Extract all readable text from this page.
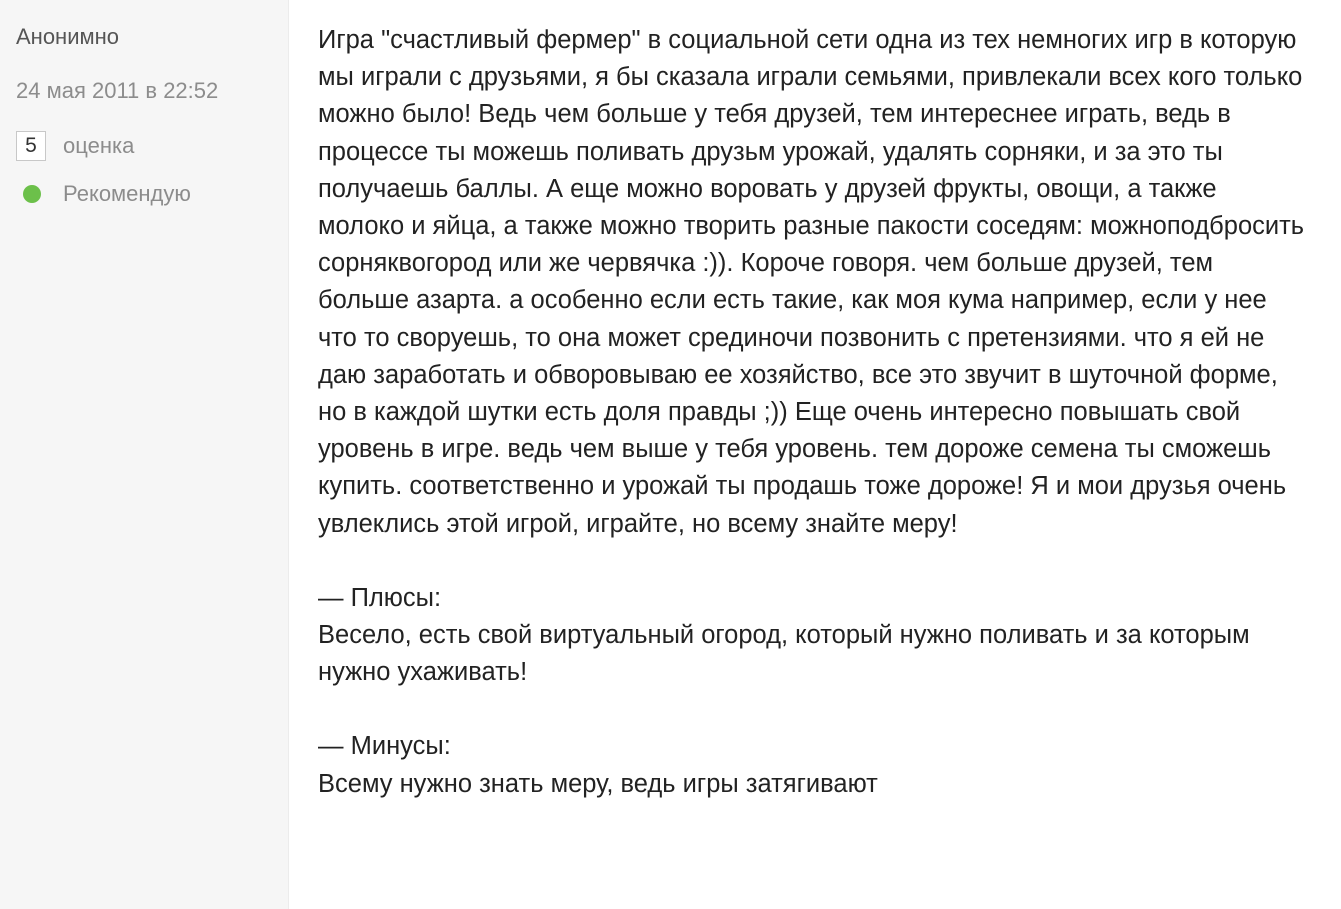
Анонимно
24 мая 2011 в 22:52
5	оценка
Рекомендую

Игра "счастливый фермер" в социальной сети одна из тех немногих игр в которую мы играли с друзьями, я бы сказала играли семьями, привлекали всех кого только можно было! Ведь чем больше у тебя друзей, тем интереснее играть, ведь в процессе ты можешь поливать друзьм урожай, удалять сорняки, и за это ты получаешь баллы. А еще можно воровать у друзей фрукты, овощи, а также молоко и яйца, а также можно творить разные пакости соседям: можноподбросить сорняквогород или же червячка :)). Короче говоря. чем больше друзей, тем больше азарта. а особенно если есть такие, как моя кума например, если у нее что то своруешь, то она может срединочи позвонить с претензиями. что я ей не даю заработать и обворовываю ее хозяйство, все это звучит в шуточной форме, но в каждой шутки есть доля правды ;)) Еще очень интересно повышать свой уровень в игре. ведь чем выше у тебя уровень. тем дороже семена ты сможешь купить. соответственно и урожай ты продашь тоже дороже! Я и мои друзья очень увлеклись этой игрой, играйте, но всему знайте меру!

— Плюсы:

Весело, есть свой виртуальный огород, который нужно поливать и за которым нужно ухаживать!

— Минусы:

Всему нужно знать меру, ведь игры затягивают
